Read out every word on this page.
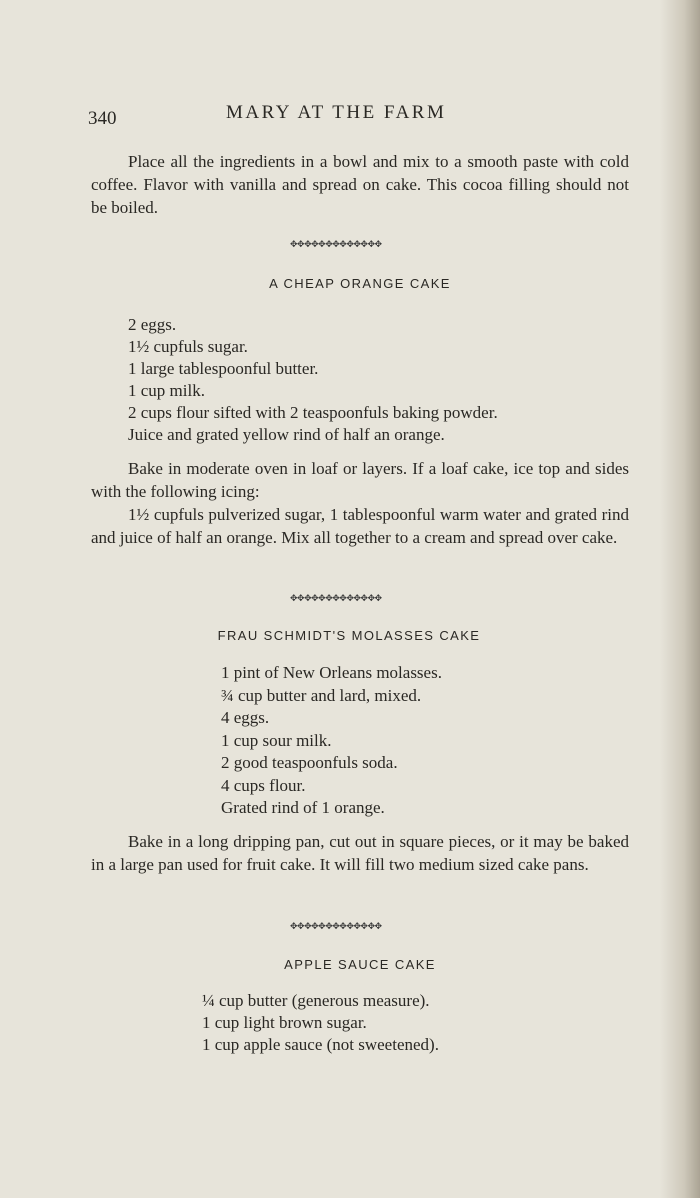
340	MARY AT THE FARM

Place all the ingredients in a bowl and mix to a smooth paste with cold coffee. Flavor with vanilla and spread on cake. This cocoa filling should not be boiled.

✥✥✥✥✥✥✥✥✥✥✥✥✥
A CHEAP ORANGE CAKE
2 eggs.
1½ cupfuls sugar.
1 large tablespoonful butter.
1 cup milk.
2 cups flour sifted with 2 teaspoonfuls baking powder.
Juice and grated yellow rind of half an orange.

Bake in moderate oven in loaf or layers. If a loaf cake, ice top and sides with the following icing:

1½ cupfuls pulverized sugar, 1 tablespoonful warm water and grated rind and juice of half an orange. Mix all together to a cream and spread over cake.

✥✥✥✥✥✥✥✥✥✥✥✥✥
FRAU SCHMIDT'S MOLASSES CAKE
1 pint of New Orleans molasses.
¾ cup butter and lard, mixed.
4 eggs.
1 cup sour milk.
2 good teaspoonfuls soda.
4 cups flour.
Grated rind of 1 orange.

Bake in a long dripping pan, cut out in square pieces, or it may be baked in a large pan used for fruit cake. It will fill two medium sized cake pans.

✥✥✥✥✥✥✥✥✥✥✥✥✥
APPLE SAUCE CAKE
¼ cup butter (generous measure).
1 cup light brown sugar.
1 cup apple sauce (not sweetened).
